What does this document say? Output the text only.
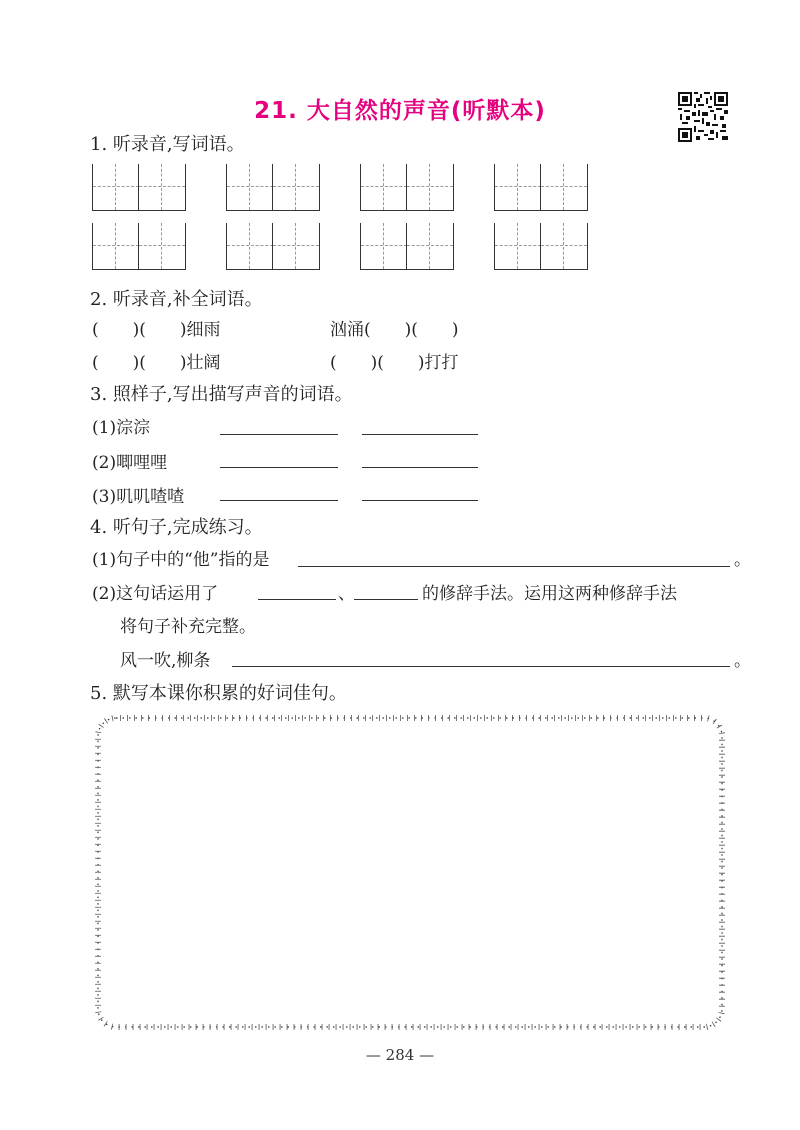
21. 大自然的声音(听默本)
1. 听录音,写词语。
2. 听录音,补全词语。
(　　)(　　)细雨	汹涌(　　)(　　)
(　　)(　　)壮阔	(　　)(　　)打打
3. 照样子,写出描写声音的词语。
(1)淙淙
(2)唧哩哩
(3)叽叽喳喳
4. 听句子,完成练习。
(1)句子中的“他”指的是	。
(2)这句话运用了	、	的修辞手法。运用这两种修辞手法
将句子补充完整。
风一吹,柳条	。
5. 默写本课你积累的好词佳句。
— 284 —
